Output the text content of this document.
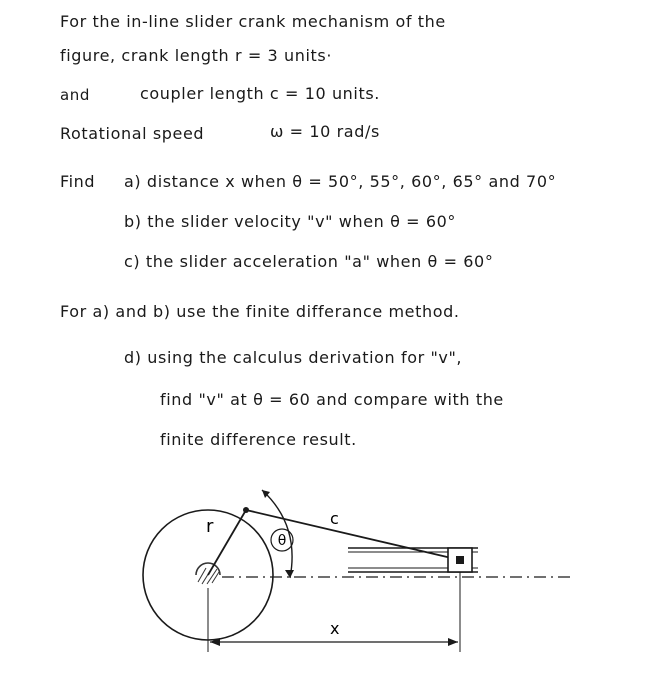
For the in-line slider crank mechanism of the
figure, crank length r = 3 units·
and	coupler length c = 10 units.
Rotational speed	ω = 10 rad/s
Find a) distance x when θ = 50°, 55°, 60°, 65° and 70°
b) the slider velocity "v" when θ = 60°
c) the slider acceleration "a" when θ = 60°
For a) and b) use the finite differance method.
d) using the calculus derivation for "v",
find "v" at θ = 60 and compare with the
finite difference result.
θ
r	c
x
